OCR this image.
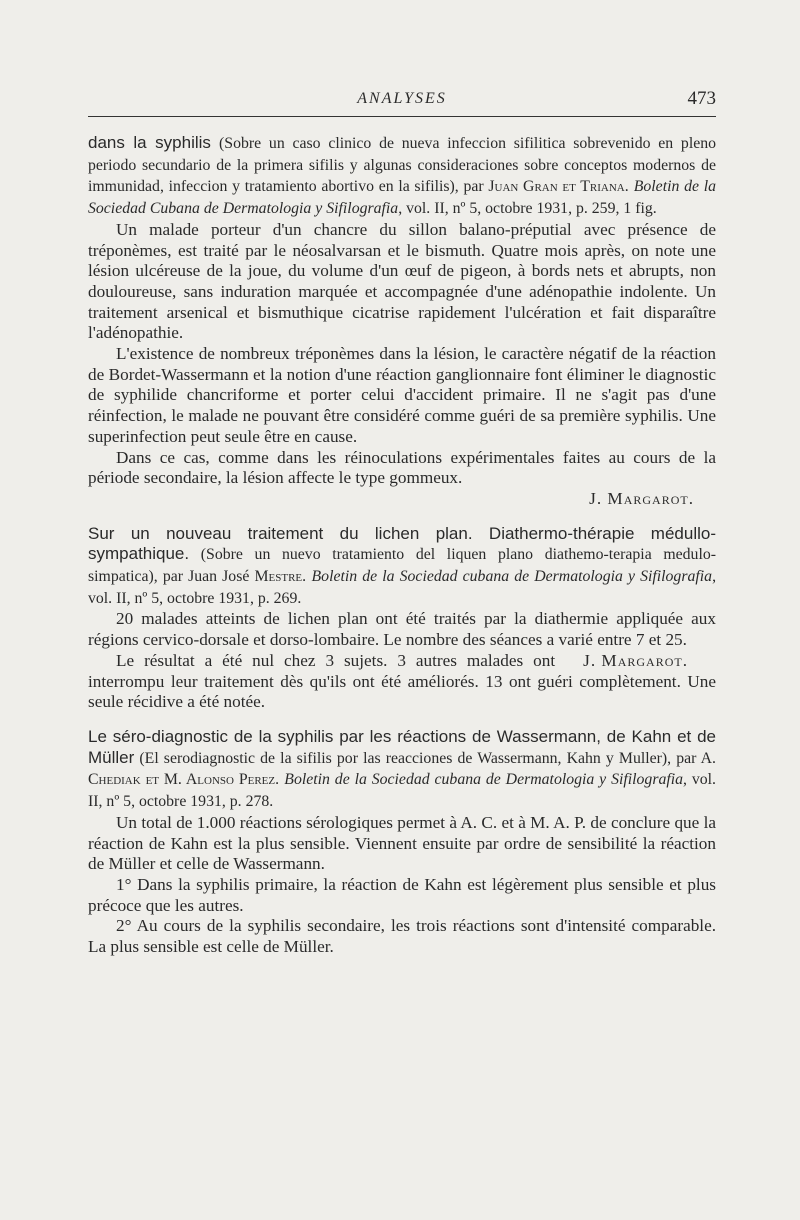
ANALYSES	473

dans la syphilis (Sobre un caso clinico de nueva infeccion sifilitica sobrevenido en pleno periodo secundario de la primera sifilis y algunas consideraciones sobre conceptos modernos de immunidad, infeccion y tratamiento abortivo en la sifilis), par Juan Gran et Triana. Boletin de la Sociedad Cubana de Dermatologia y Sifilografia, vol. II, nº 5, octobre 1931, p. 259, 1 fig.

Un malade porteur d'un chancre du sillon balano-préputial avec présence de tréponèmes, est traité par le néosalvarsan et le bismuth. Quatre mois après, on note une lésion ulcéreuse de la joue, du volume d'un œuf de pigeon, à bords nets et abrupts, non douloureuse, sans induration marquée et accompagnée d'une adénopathie indolente. Un traitement arsenical et bismuthique cicatrise rapidement l'ulcération et fait disparaître l'adénopathie.

L'existence de nombreux tréponèmes dans la lésion, le caractère négatif de la réaction de Bordet-Wassermann et la notion d'une réaction ganglionnaire font éliminer le diagnostic de syphilide chancriforme et porter celui d'accident primaire. Il ne s'agit pas d'une réinfection, le malade ne pouvant être considéré comme guéri de sa première syphilis. Une superinfection peut seule être en cause.

Dans ce cas, comme dans les réinoculations expérimentales faites au cours de la période secondaire, la lésion affecte le type gommeux.

J. Margarot.

Sur un nouveau traitement du lichen plan. Diathermo-thérapie médullo-sympathique. (Sobre un nuevo tratamiento del liquen plano diathemo-terapia medulo-simpatica), par Juan José Mestre. Boletin de la Sociedad cubana de Dermatologia y Sifilografia, vol. II, nº 5, octobre 1931, p. 269.

20 malades atteints de lichen plan ont été traités par la diathermie appliquée aux régions cervico-dorsale et dorso-lombaire. Le nombre des séances a varié entre 7 et 25.

J. Margarot.
Le résultat a été nul chez 3 sujets. 3 autres malades ont interrompu leur traitement dès qu'ils ont été améliorés. 13 ont guéri complètement. Une seule récidive a été notée.

Le séro-diagnostic de la syphilis par les réactions de Wassermann, de Kahn et de Müller (El serodiagnostic de la sifilis por las reacciones de Wassermann, Kahn y Muller), par A. Chediak et M. Alonso Perez. Boletin de la Sociedad cubana de Dermatologia y Sifilografia, vol. II, nº 5, octobre 1931, p. 278.

Un total de 1.000 réactions sérologiques permet à A. C. et à M. A. P. de conclure que la réaction de Kahn est la plus sensible. Viennent ensuite par ordre de sensibilité la réaction de Müller et celle de Wassermann.

1° Dans la syphilis primaire, la réaction de Kahn est légèrement plus sensible et plus précoce que les autres.

2° Au cours de la syphilis secondaire, les trois réactions sont d'intensité comparable. La plus sensible est celle de Müller.
